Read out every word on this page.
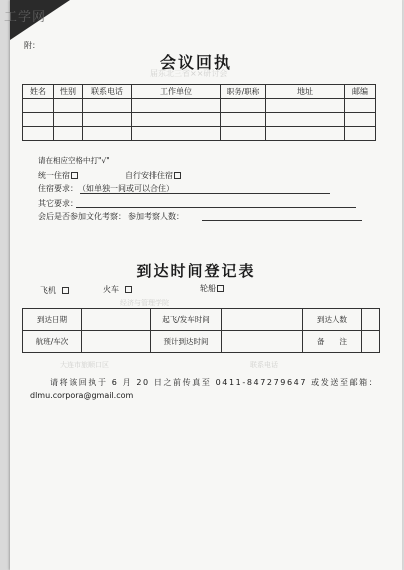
工学网
附：
会议回执
届东北三省××研讨会
姓名	性别	联系电话	工作单位	职务/职称	地址	邮编

请在相应空格中打"√"
统一住宿	自行安排住宿
住宿要求： （如单独一间或可以合住）
其它要求：
会后是否参加文化考察： 参加考察人数：
到达时间登记表
飞机	火车	轮船
经济与管理学院
到达日期		起飞/发车时间		到达人数	
航班/车次		预计到达时间		备　　注	
大连市旅顺口区	联系电话
请将该回执于 6 月 20 日之前传真至 0411-847279647 或发送至邮箱：
dlmu.corpora@gmail.com
